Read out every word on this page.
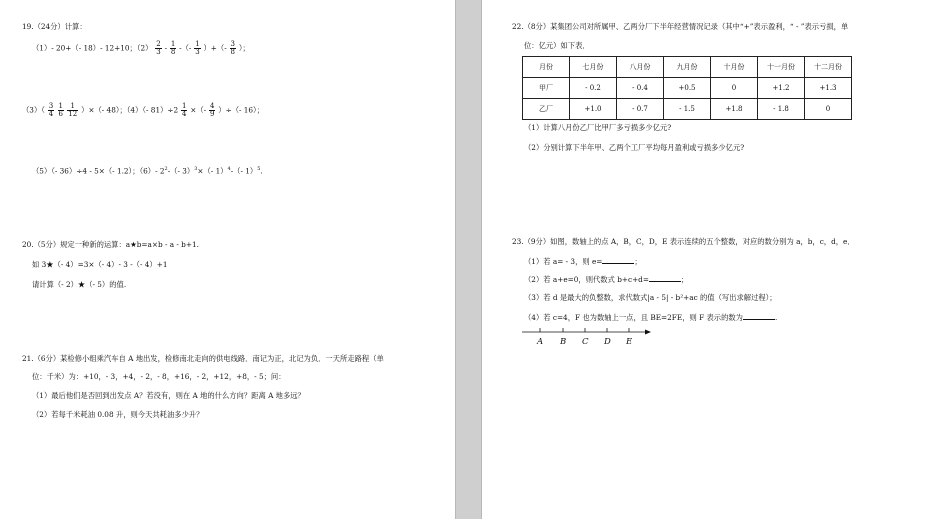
19.（24分）计算：
（1）- 20+（- 18）- 12+10；$(2) \frac{2}{3} - \frac{1}{8}$ -（- $\frac{1}{3}$ ）+（- $\frac{3}{8}$ ）；
$(3)( \frac{3}{4}$
$\frac{1}{6}$
$\frac{1}{12}$ ）×（- 48）；（4）（- $81)\div 2 \frac{1}{4}$ ×（- $\frac{4}{9}$ ）÷（- 16）；
（5）（- 36）÷4 - 5×（- 1.2）；（6）- $2^2-(-$ 3）$^3$×（- 1）$^4$-（- 1）$^5$.
20.（5分）规定一种新的运算：a★b=a×b - a - b+1.
如 3★（- 4）=3×（- 4）- 3 -（- 4）+1
请计算（- 2）★（- 5）的值.
21.（6分）某检修小组乘汽车自 A 地出发，检修南北走向的供电线路．南记为正，北记为负．一天所走路程（单
位：千米）为：+10，- 3，+4，- 2，- 8，+16，- 2，+12，+8，- 5；问：
（1）最后他们是否回到出发点 A？若没有，则在 A 地的什么方向？距离 A 地多远？
（2）若每千米耗油 0.08 升，则今天共耗油多少升？
22.（8分）某集团公司对所属甲、乙两分厂下半年经营情况记录（其中“+”表示盈利，“ - ”表示亏损，单
位：亿元）如下表．
月份	七月份	八月份	九月份	十月份	十一月份	十二月份
甲厂	- 0.2	- 0.4	+0.5	0	+1.2	+1.3
乙厂	+1.0	- 0.7	- 1.5	+1.8	- 1.8	0
（1）计算八月份乙厂比甲厂多亏损多少亿元?
（2）分别计算下半年甲、乙两个工厂平均每月盈利或亏损多少亿元?
23.（9分）如图，数轴上的点 A，B，C，D，E 表示连续的五个整数，对应的数分别为 a，b，c，d，e．
（1）若 a= - 3，则 e=	；
（2）若 a+e=0，则代数式 b+c+d=	；
（3）若 d 是最大的负整数，求代数式|a - 5| - b²+ac 的值（写出求解过程）；
（4）若 c=4，F 也为数轴上一点，且 BE=2FE，则 F 表示的数为	.
A B C D E
